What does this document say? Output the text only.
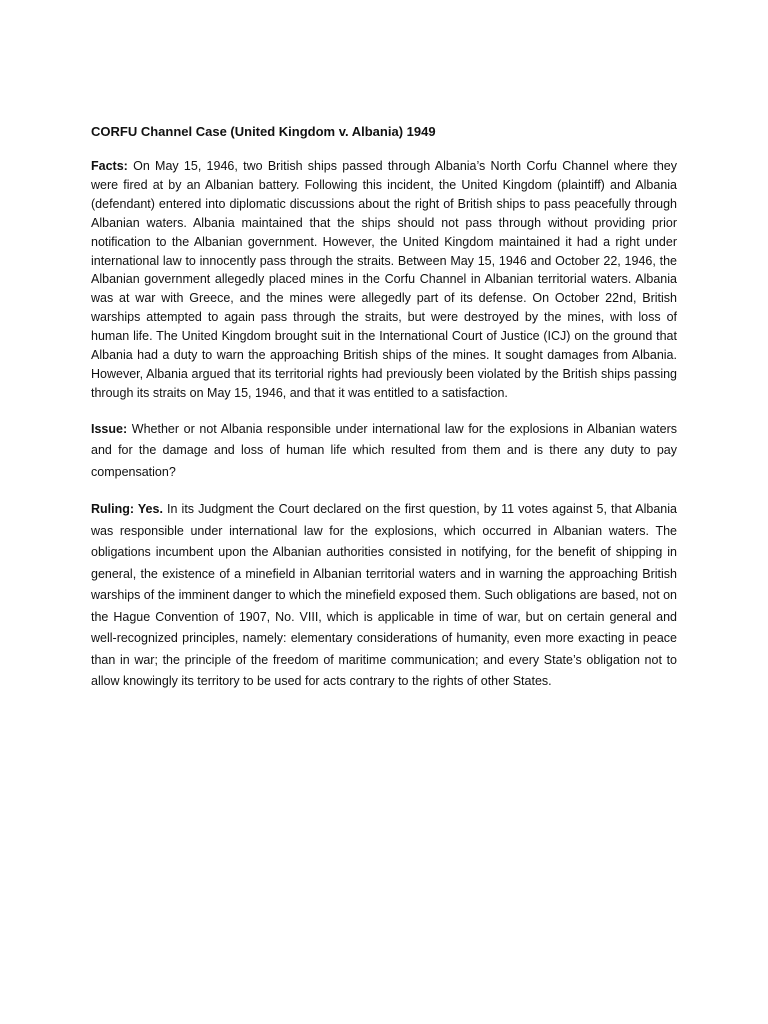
CORFU Channel Case (United Kingdom v. Albania) 1949

Facts: On May 15, 1946, two British ships passed through Albania’s North Corfu Channel where they were fired at by an Albanian battery. Following this incident, the United Kingdom (plaintiff) and Albania (defendant) entered into diplomatic discussions about the right of British ships to pass peacefully through Albanian waters. Albania maintained that the ships should not pass through without providing prior notification to the Albanian government. However, the United Kingdom maintained it had a right under international law to innocently pass through the straits. Between May 15, 1946 and October 22, 1946, the Albanian government allegedly placed mines in the Corfu Channel in Albanian territorial waters. Albania was at war with Greece, and the mines were allegedly part of its defense. On October 22nd, British warships attempted to again pass through the straits, but were destroyed by the mines, with loss of human life. The United Kingdom brought suit in the International Court of Justice (ICJ) on the ground that Albania had a duty to warn the approaching British ships of the mines. It sought damages from Albania. However, Albania argued that its territorial rights had previously been violated by the British ships passing through its straits on May 15, 1946, and that it was entitled to a satisfaction.

Issue: Whether or not Albania responsible under international law for the explosions in Albanian waters and for the damage and loss of human life which resulted from them and is there any duty to pay compensation?

Ruling: Yes. In its Judgment the Court declared on the first question, by 11 votes against 5, that Albania was responsible under international law for the explosions, which occurred in Albanian waters. The obligations incumbent upon the Albanian authorities consisted in notifying, for the benefit of shipping in general, the existence of a minefield in Albanian territorial waters and in warning the approaching British warships of the imminent danger to which the minefield exposed them. Such obligations are based, not on the Hague Convention of 1907, No. VIII, which is applicable in time of war, but on certain general and well-recognized principles, namely: elementary considerations of humanity, even more exacting in peace than in war; the principle of the freedom of maritime communication; and every State’s obligation not to allow knowingly its territory to be used for acts contrary to the rights of other States.
